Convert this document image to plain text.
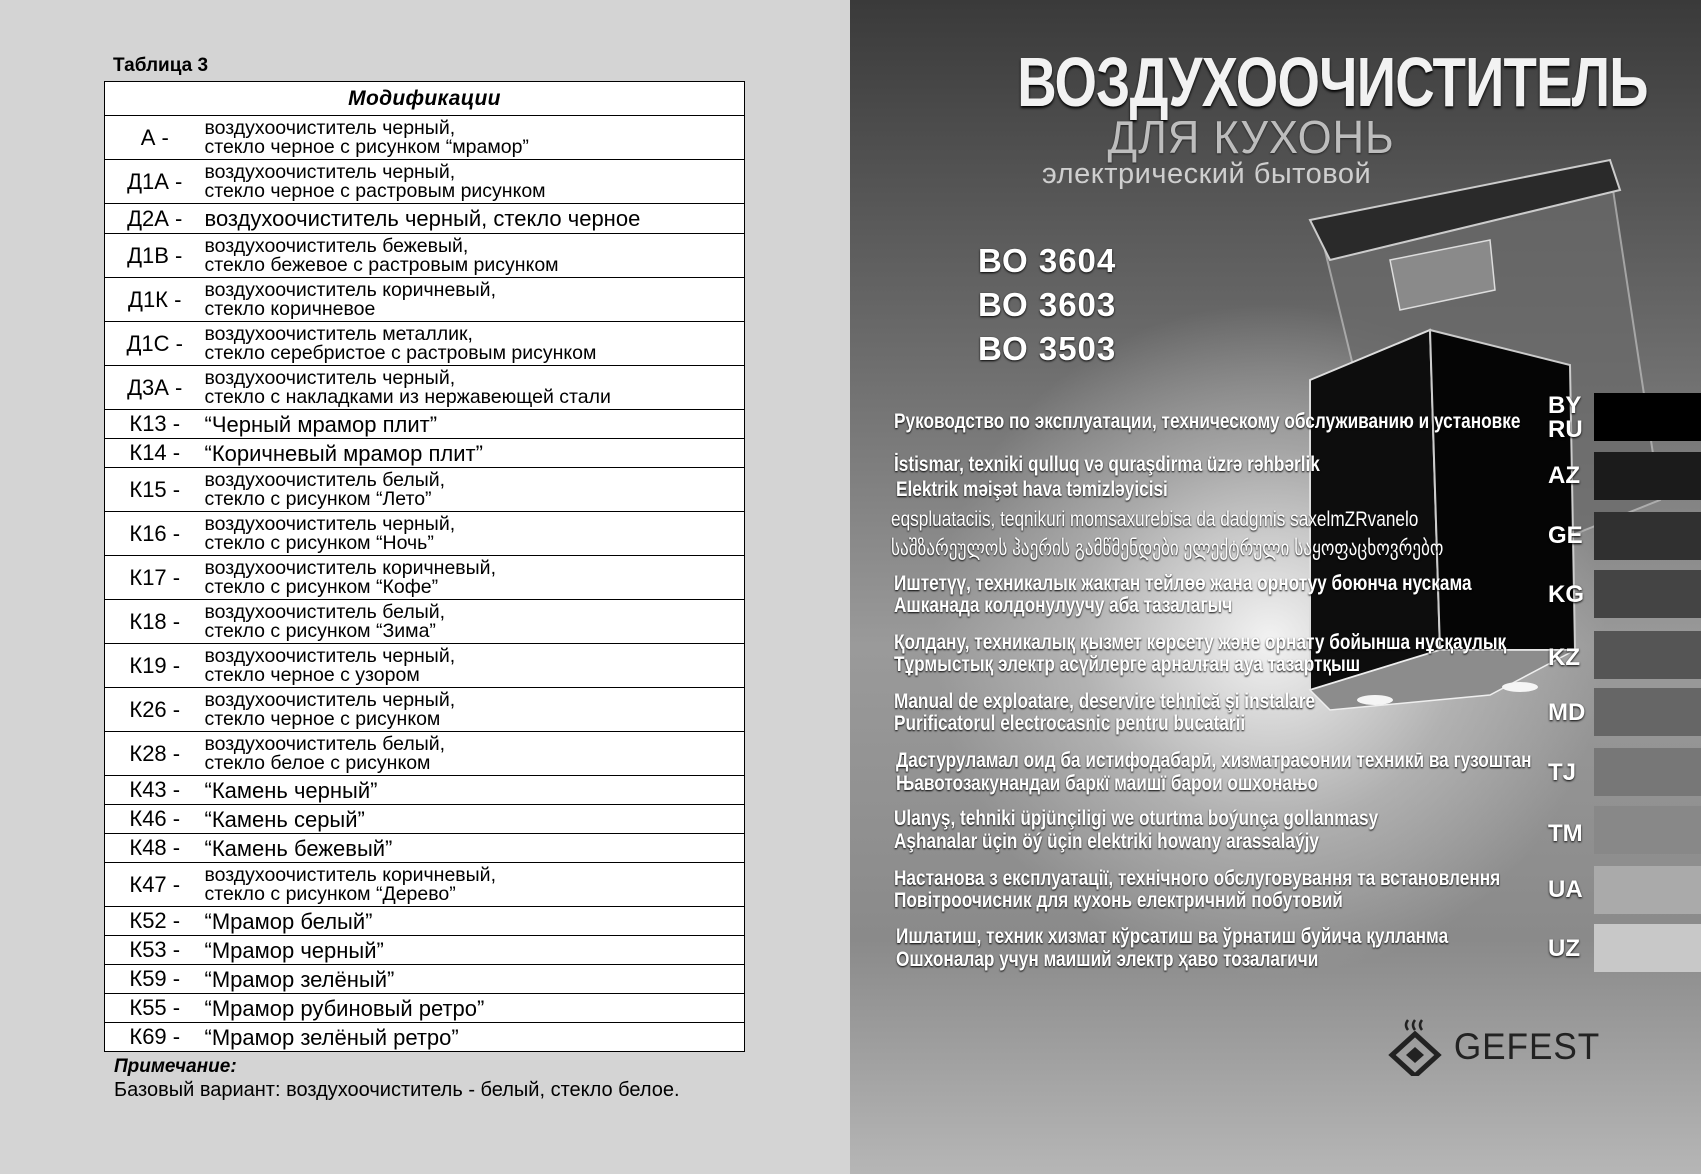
Таблица 3
Модификации	
А -	воздухоочиститель черный,
стекло черное с рисунком “мрамор”

Д1А -	воздухоочиститель черный,
стекло черное с растровым рисунком

Д2А -	воздухоочиститель черный, стекло черное

Д1В -	воздухоочиститель бежевый,
стекло бежевое с растровым рисунком

Д1К -	воздухоочиститель коричневый,
стекло коричневое

Д1С -	воздухоочиститель металлик,
стекло серебристое с растровым рисунком

Д3А -	воздухоочиститель черный,
стекло с накладками из нержавеющей стали

К13 -	“Черный мрамор плит”

К14 -	“Коричневый мрамор плит”

К15 -	воздухоочиститель белый,
стекло с рисунком “Лето”

К16 -	воздухоочиститель черный,
стекло с рисунком “Ночь”

К17 -	воздухоочиститель коричневый,
стекло с рисунком “Кофе”

К18 -	воздухоочиститель белый,
стекло с рисунком “Зима”

К19 -	воздухоочиститель черный,
стекло черное с узором

К26 -	воздухоочиститель черный,
стекло черное с рисунком

К28 -	воздухоочиститель белый,
стекло белое с рисунком

К43 -	“Камень черный”

К46 -	“Камень серый”

К48 -	“Камень бежевый”

К47 -	воздухоочиститель коричневый,
стекло с рисунком “Дерево”

К52 -	“Мрамор белый”

К53 -	“Мрамор черный”

К59 -	“Мрамор зелёный”

К55 -	“Мрамор рубиновый ретро”

К69 -	“Мрамор зелёный ретро”
Примечание:
Базовый вариант: воздухоочиститель - белый, стекло белое.
ВОЗДУХООЧИСТИТЕЛЬ
ДЛЯ КУХОНЬ
электрический бытовой
ВО 3604
ВО 3603
ВО 3503
Руководство по эксплуатации, техническому обслуживанию и установке
İstismar, texniki qulluq və quraşdirma üzrə rəhbərlik
Elektrik məişət hava təmizləyicisi
eqspluataciis, teqnikuri momsaxurebisa da dadgmis saxelmZRvanelo
საშზარეულოს ჰაერის გამწმენდები ელექტრული საყოფაცხოვრებო
Иштетүү, техникалык жактан тейлөө жана орнотуу боюнча нускама
Ашканада колдонулуучу аба тазалагыч
Қолдану, техникалық қызмет көрсету және орнату бойынша нұсқаулық
Тұрмыстық электр асүйлерге арналған ауа тазартқыш
Manual de exploatare, deservire tehnică şi instalare
Purificatorul electrocasnic pentru bucatarii
Дастуруламал оид ба истифодабарӣ, хизматрасонии техникӣ ва гузоштан
Њавотозакунандаи баркї маишї барои ошхонањо
Ulanyş, tehniki üpjünçiligi we oturtma boýunça gollanmasy
Aşhanalar üçin öý üçin elektriki howany arassalaýjy
Настанова з експлуатації, технічного обслуговування та встановлення
Повітроочисник для кухонь електричний побутовий
Ишлатиш, техник хизмат кўрсатиш ва ўрнатиш буйича қулланма
Ошхоналар учун маиший электр ҳаво тозалагичи
BY
RU
AZ
GE
KG
KZ
MD
TJ
TM
UA
UZ
GEFEST
